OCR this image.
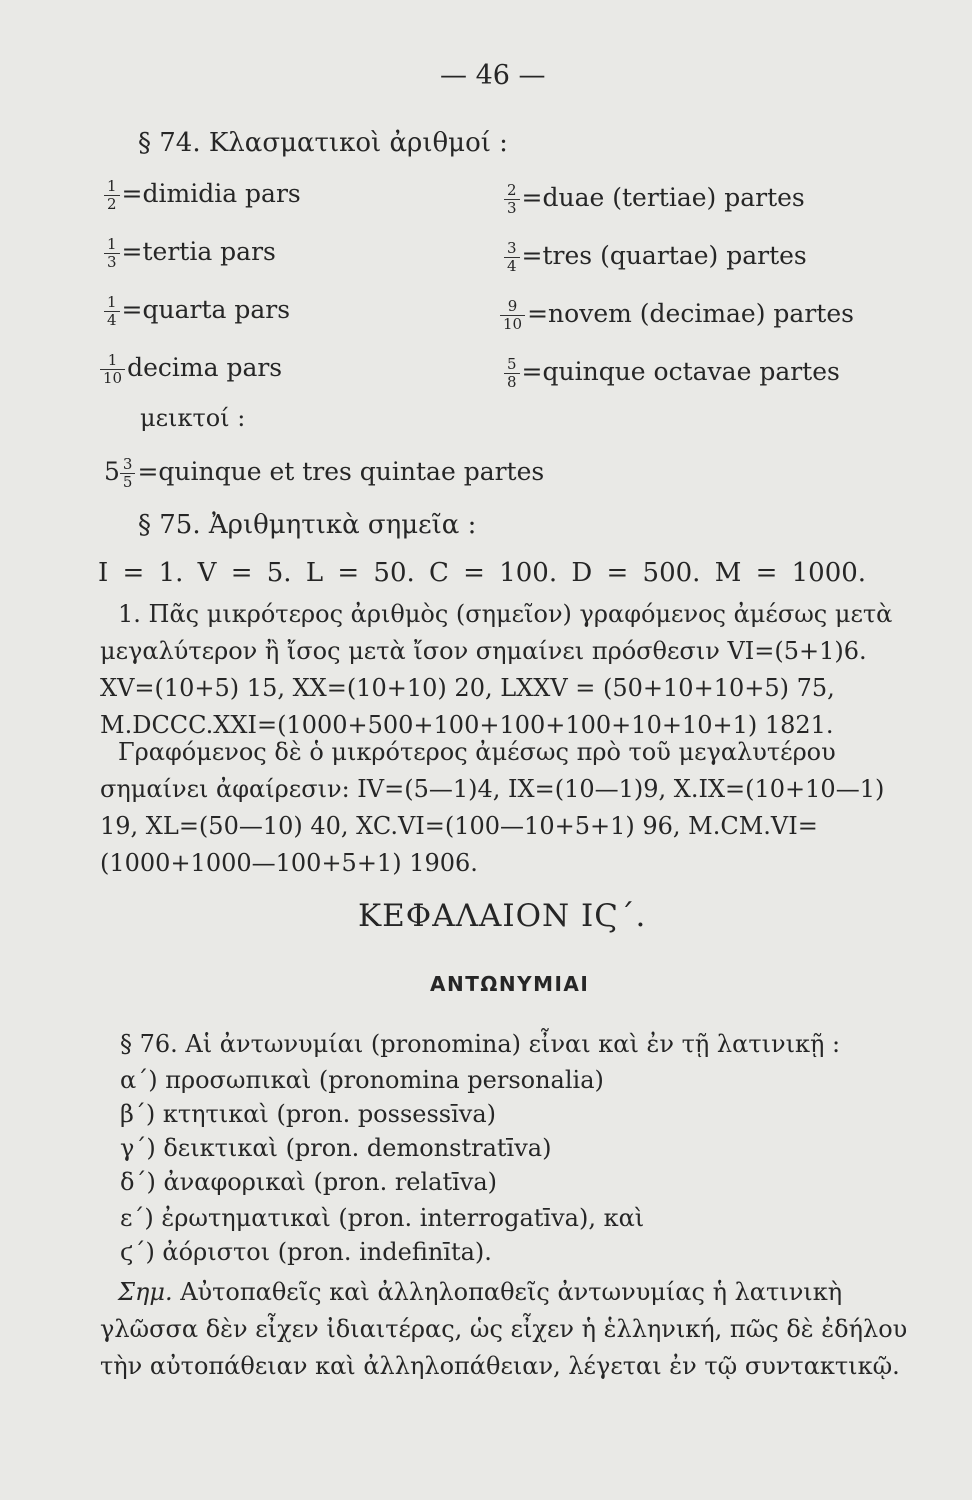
— 46 —
§ 74. Κλασματικοὶ ἀριθμοί :
$\frac{1}{2}$ =dimidia pars
$\frac{1}{3}$ =tertia pars
$\frac{1}{4}$ =quarta pars
$\frac{1}{10}$ decima pars
$\frac{2}{3}$ =duae (tertiae) partes
$\frac{3}{4}$ =tres (quartae) partes
$\frac{9}{10}$ =novem (decimae) partes
$\frac{5}{8}$ =quinque octavae partes
μεικτοί :
$5 \frac{3}{5}$ =quinque et tres quintae partes
§ 75. Ἀριθμητικὰ σημεῖα :
I = 1. V = 5. L = 50. C = 100. D = 500. M = 1000.
1. Πᾶς μικρότερος ἀριθμὸς (σημεῖον) γραφόμενος ἀμέσως μετὰ μεγαλύτερον ἢ ἴσος μετὰ ἴσον σημαίνει πρόσθεσιν VI=(5+1)6. XV=(10+5) 15, XX=(10+10) 20, LXXV = (50+10+10+5) 75, M.DCCC.XXI=(1000+500+100+100+100+10+10+1) 1821.
Γραφόμενος δὲ ὁ μικρότερος ἀμέσως πρὸ τοῦ μεγαλυτέρου σημαίνει ἀφαίρεσιν: IV=(5—1)4, IX=(10—1)9, X.IX=(10+10—1) 19, XL=(50—10) 40, XC.VI=(100—10+5+1) 96, M.CM.VI=(1000+1000—100+5+1) 1906.
ΚΕΦΑΛΑΙΟΝ ΙϚ΄.
ΑΝΤΩΝΥΜΙΑΙ
§ 76. Αἱ ἀντωνυμίαι (pronomina) εἶναι καὶ ἐν τῇ λατινικῇ :
α΄) προσωπικαὶ (pronomina personalia)
β΄) κτητικαὶ (pron. possessīva)
γ΄) δεικτικαὶ (pron. demonstratīva)
δ΄) ἀναφορικαὶ (pron. relatīva)
ε΄) ἐρωτηματικαὶ (pron. interrogatīva), καὶ
ϛ΄) ἀόριστοι (pron. indefinīta).
Σημ. Αὐτοπαθεῖς καὶ ἀλληλοπαθεῖς ἀντωνυμίας ἡ λατινικὴ γλῶσσα δὲν εἶχεν ἰδιαιτέρας, ὡς εἶχεν ἡ ἑλληνική, πῶς δὲ ἐδήλου τὴν αὐτοπάθειαν καὶ ἀλληλοπάθειαν, λέγεται ἐν τῷ συντακτικῷ.
